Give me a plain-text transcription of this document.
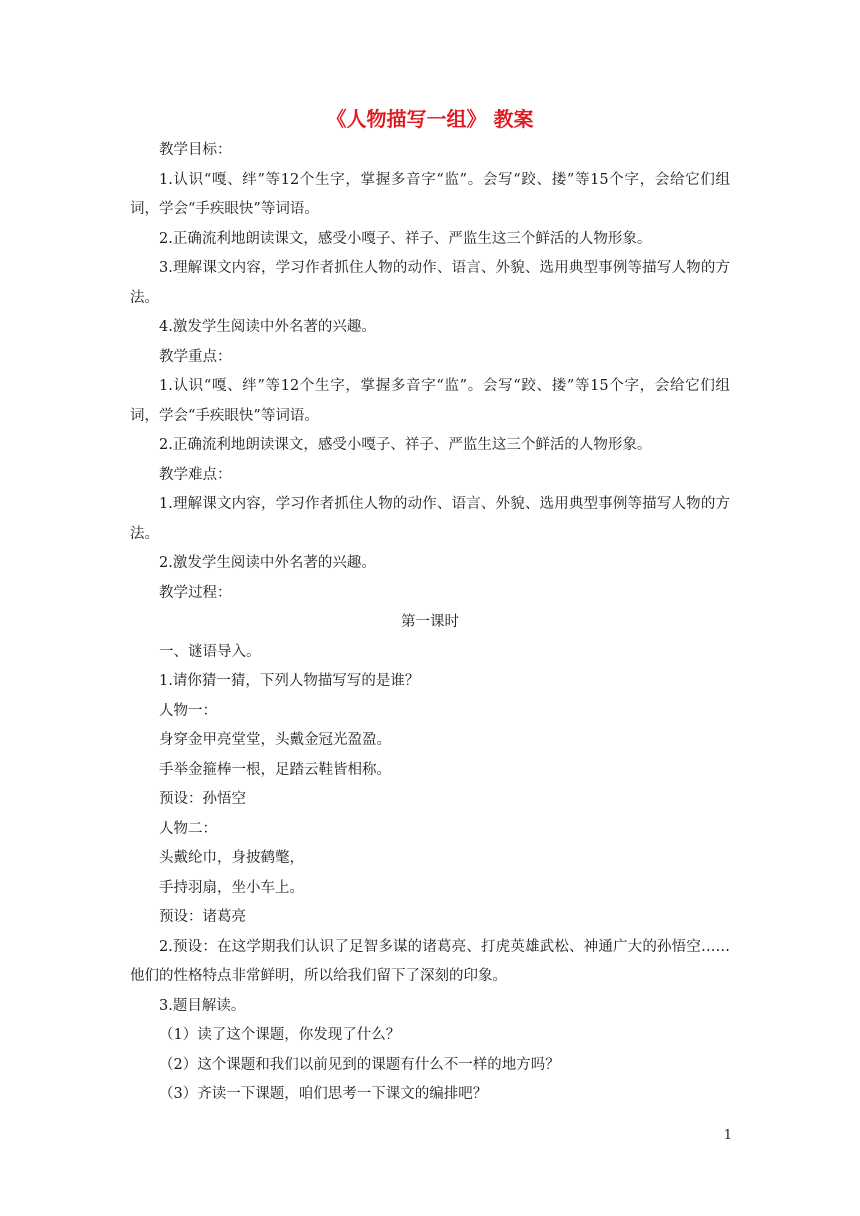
《人物描写一组》 教案

教学目标：

1.认识“嘎、绊”等12个生字，掌握多音字“监”。会写“跤、搂”等15个字，会给它们组词，学会“手疾眼快”等词语。

2.正确流利地朗读课文，感受小嘎子、祥子、严监生这三个鲜活的人物形象。

3.理解课文内容，学习作者抓住人物的动作、语言、外貌、选用典型事例等描写人物的方法。

4.激发学生阅读中外名著的兴趣。

教学重点：

1.认识“嘎、绊”等12个生字，掌握多音字“监”。会写“跤、搂”等15个字，会给它们组词，学会“手疾眼快”等词语。

2.正确流利地朗读课文，感受小嘎子、祥子、严监生这三个鲜活的人物形象。

教学难点：

1.理解课文内容，学习作者抓住人物的动作、语言、外貌、选用典型事例等描写人物的方法。

2.激发学生阅读中外名著的兴趣。

教学过程：

第一课时

一、谜语导入。

1.请你猜一猜，下列人物描写写的是谁？

人物一：

身穿金甲亮堂堂，头戴金冠光盈盈。

手举金箍棒一根，足踏云鞋皆相称。

预设：孙悟空

人物二：

头戴纶巾，身披鹤氅，

手持羽扇，坐小车上。

预设：诸葛亮

2.预设：在这学期我们认识了足智多谋的诸葛亮、打虎英雄武松、神通广大的孙悟空……他们的性格特点非常鲜明，所以给我们留下了深刻的印象。

3.题目解读。

（1）读了这个课题，你发现了什么？

（2）这个课题和我们以前见到的课题有什么不一样的地方吗？

（3）齐读一下课题，咱们思考一下课文的编排吧？

1
